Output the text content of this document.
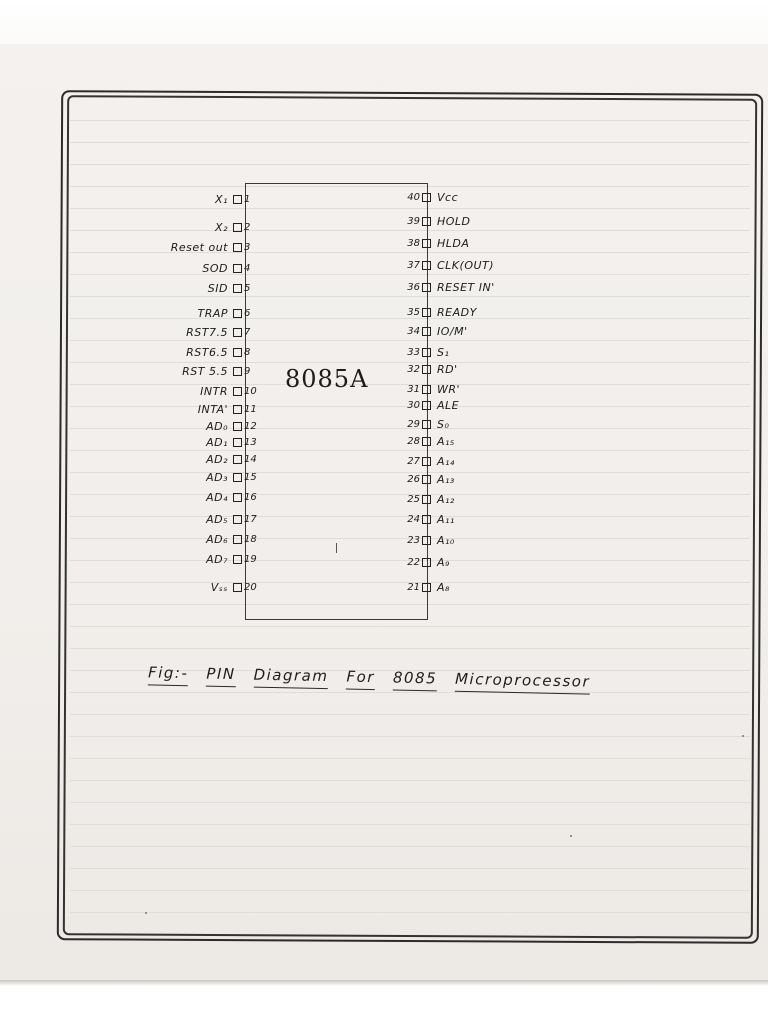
8085A
X₁ 1
X₂ 2
Reset out 3
SOD 4
SID 5
TRAP 6
RST7.5 7
RST6.5 8
RST 5.5 9
INTR 10
INTA' 11
AD₀ 12
AD₁ 13
AD₂ 14
AD₃ 15
AD₄ 16
AD₅ 17
AD₆ 18
AD₇ 19
Vₛₛ 20
40 Vcc
39 HOLD
38 HLDA
37 CLK(OUT)
36 RESET IN'
35 READY
34 IO/M'
33 S₁
32 RD'
31 WR'
30 ALE
29 S₀
28 A₁₅
27 A₁₄
26 A₁₃
25 A₁₂
24 A₁₁
23 A₁₀
22 A₉
21 A₈
Fig:- PIN Diagram For 8085 Microprocessor
